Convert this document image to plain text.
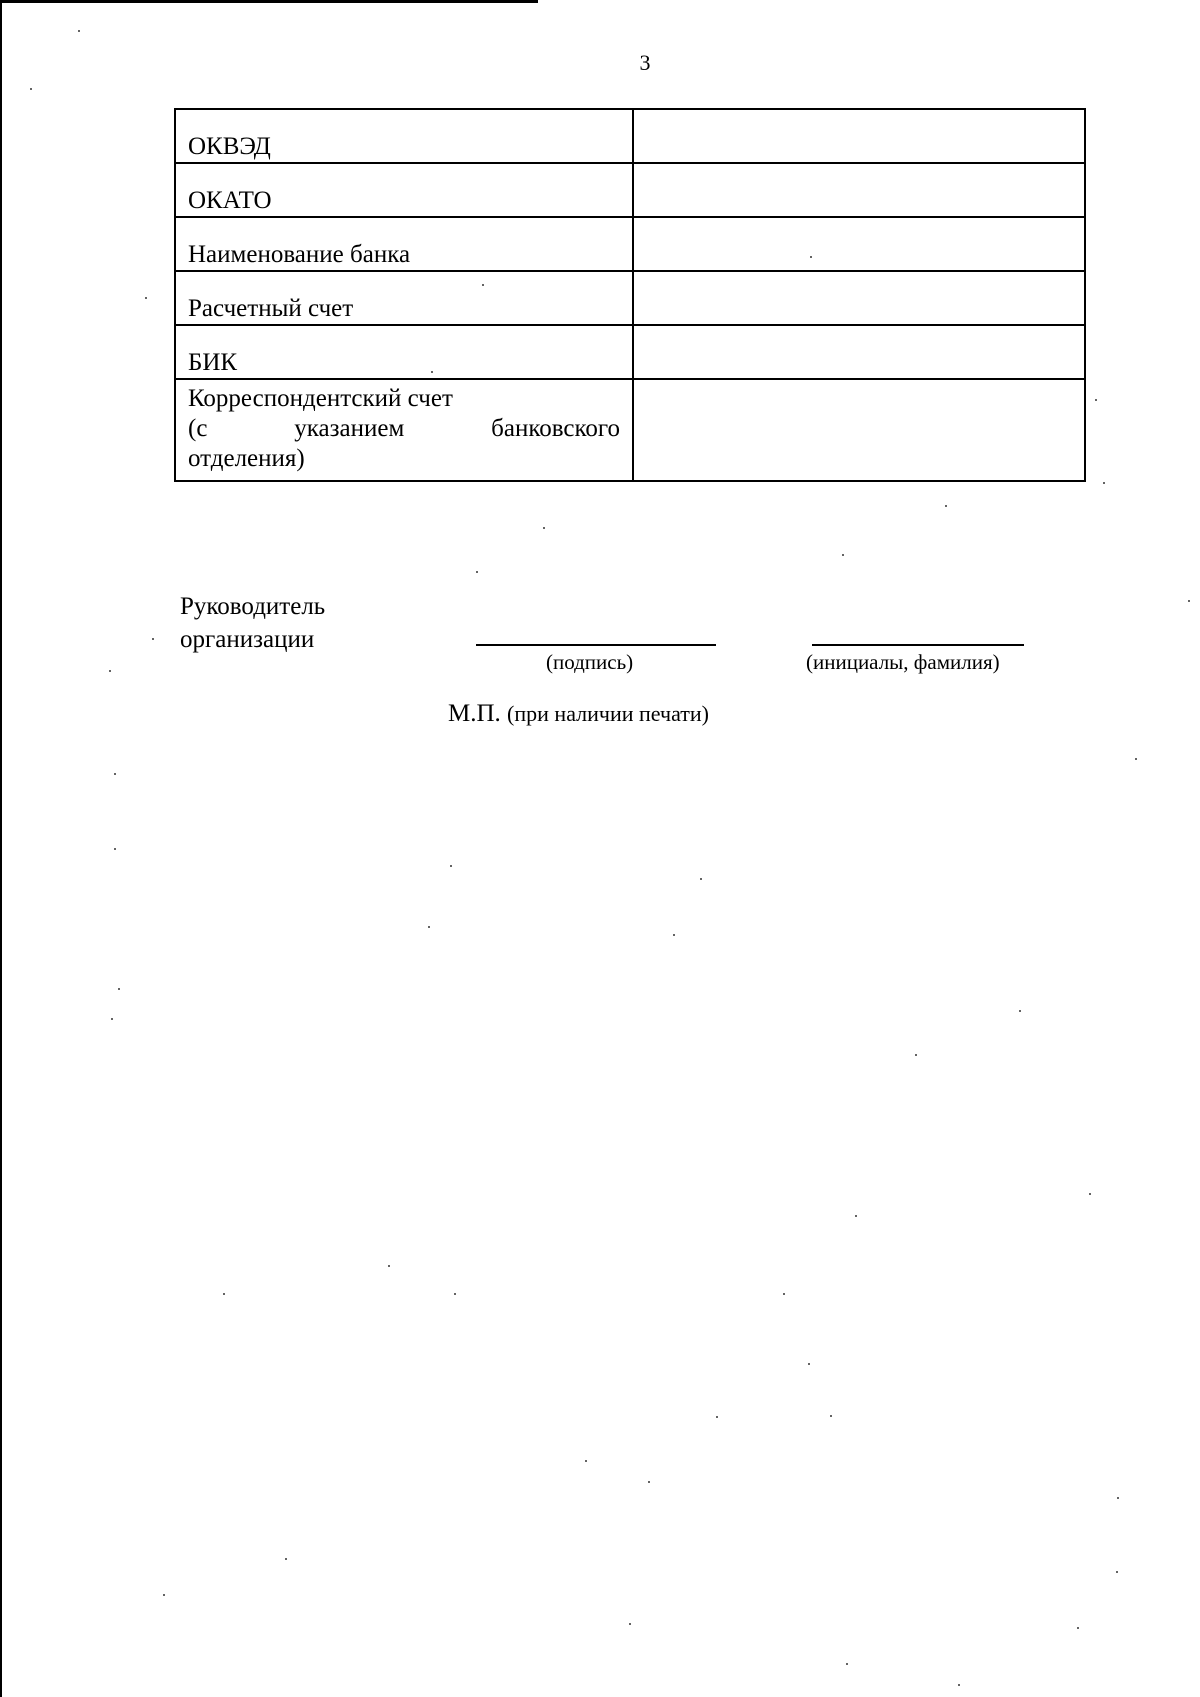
3
ОКВЭД	
ОКАТО	
Наименование банка	
Расчетный счет	
БИК	

Корреспондентский счет
(с указанием банковского
отделения)	

Руководитель
организации
(подпись)	(инициалы, фамилия)
М.П. (при наличии печати)
